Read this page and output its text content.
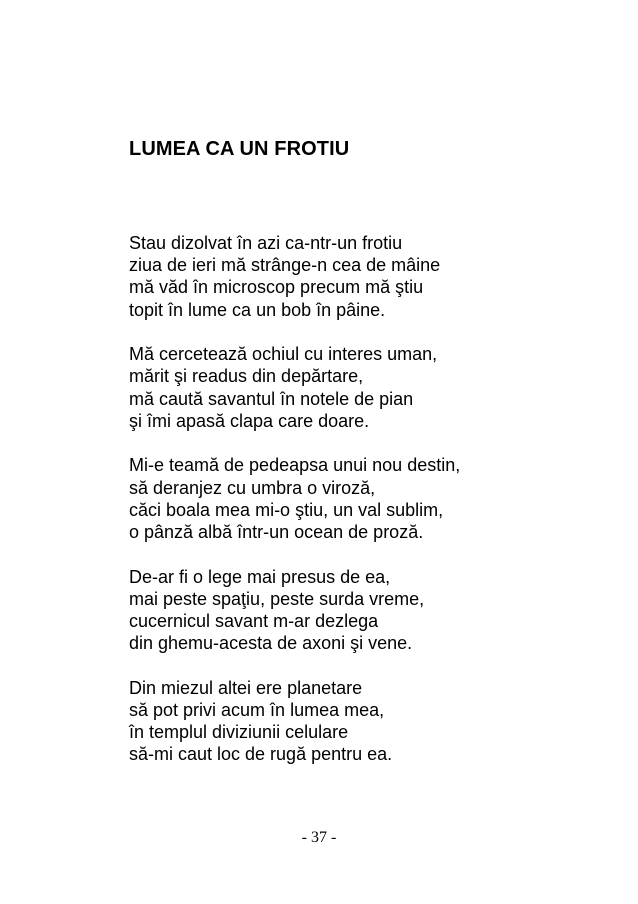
LUMEA CA UN FROTIU

Stau dizolvat în azi ca-ntr-un frotiu
ziua de ieri mă strânge-n cea de mâine
mă văd în microscop precum mă ştiu
topit în lume ca un bob în pâine.

Mă cercetează ochiul cu interes uman,
mărit şi readus din depărtare,
mă caută savantul în notele de pian
şi îmi apasă clapa care doare.

Mi-e teamă de pedeapsa unui nou destin,
să deranjez cu umbra o viroză,
căci boala mea mi-o ştiu, un val sublim,
o pânză albă într-un ocean de proză.

De-ar fi o lege mai presus de ea,
mai peste spaţiu, peste surda vreme,
cucernicul savant m-ar dezlega
din ghemu-acesta de axoni şi vene.

Din miezul altei ere planetare
să pot privi acum în lumea mea,
în templul diviziunii celulare
să-mi caut loc de rugă pentru ea.

- 37 -
